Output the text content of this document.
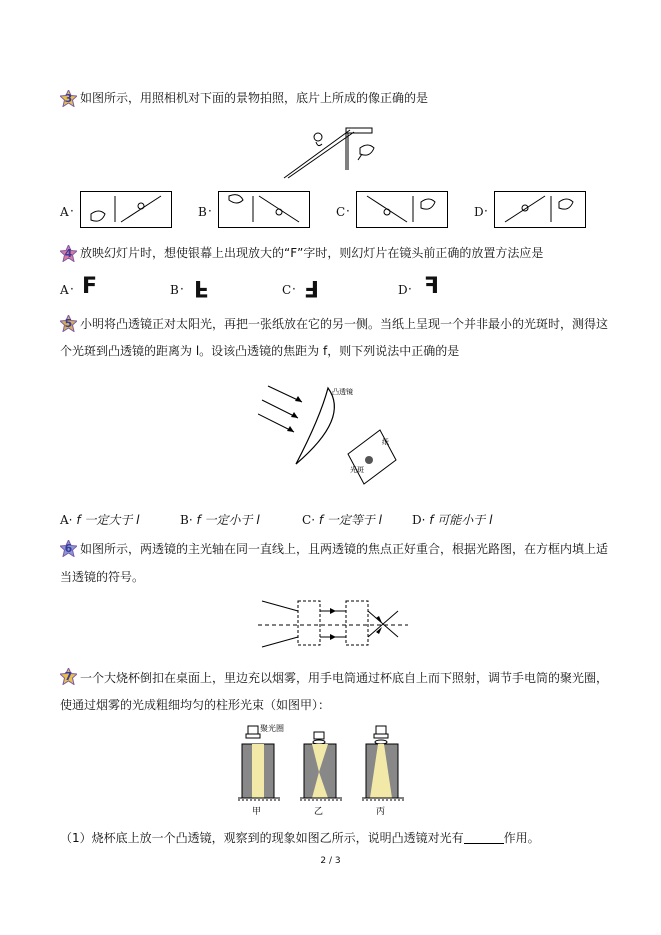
3 如图所示，用照相机对下面的景物拍照，底片上所成的像正确的是
A ·	B ·	C ·	D ·
4 放映幻灯片时，想使银幕上出现放大的“F”字时，则幻灯片在镜头前正确的放置方法应是
A · F	B · F	C · F	D · F
5 小明将凸透镜正对太阳光，再把一张纸放在它的另一侧。当纸上呈现一个并非最小的光斑时，测得这
个光斑到凸透镜的距离为 l。设该凸透镜的焦距为 f，则下列说法中正确的是
凸透镜
纸
光斑
A· f 一定大于 l	B· f 一定小于 l	C· f 一定等于 l D· f 可能小于 l
6 如图所示，两透镜的主光轴在同一直线上，且两透镜的焦点正好重合，根据光路图，在方框内填上适
当透镜的符号。
7 一个大烧杯倒扣在桌面上，里边充以烟雾，用手电筒通过杯底自上而下照射，调节手电筒的聚光圈，
使通过烟雾的光成粗细均匀的柱形光束（如图甲）：
聚光圈
甲	乙	丙
（1）烧杯底上放一个凸透镜，观察到的现象如图乙所示，说明凸透镜对光有	作用。
2 / 3
